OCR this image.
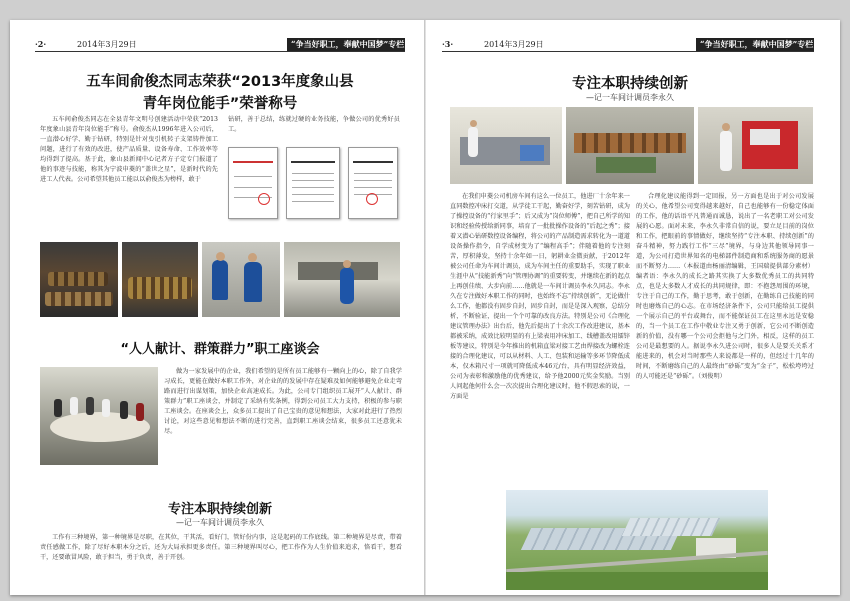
·2·	2014年3月29日	“争当好职工，奉献中国梦”专栏
五车间俞俊杰同志荣获“2013年度象山县
青年岗位能手”荣誉称号
五车间俞俊杰同志在全县青年文明号创建活动中荣获“2013年度象山县青年岗位能手”称号。俞俊杰从1996年进入公司后，一直潜心好学、勤于钻研，特别是针对曳引机转子支架铸件加工问题，进行了有效的改进，使产品质量、设备寿命、工作效率等均得到了提高。基于此，象山县新闻中心记者方子定专门报道了他的事迹与技能，称其为宁波申菱的“盖世之星”，是新时代的先进工人代表。公司希望其他员工能以以俞俊杰为榜样，敢于
钻研，善于总结，练就过硬的业务技能，争做公司的优秀好员工。
“人人献计、群策群力”职工座谈会
做为一家发展中的企业，我们希望的是所有员工能够有一颗向上的心，除了自我学习成长，更能在做好本职工作外，对企业的的发展中存在疑难及如何能够避免企业走弯路而进行出谋划策，加快企业高速成长。为此，公司专门组织员工展开“人人献计、群策群力”职工座谈会，并制定了采纳有奖条例，得到公司员工大力支持，积极的参与职工座谈会。在座谈会上，众多员工提出了自己宝贵的意见和想法，大家对此进行了热烈讨论，对这些意见和想法不断的进行完善，直到职工座谈会结束，很多员工还意犹未尽。
专注本职持续创新
—记一车间计调员李永久
工作有三种境界，第一种境界是尽职，在其位，干其活，看好门，管好份内事，这是起码的工作底线。第二种境界是尽责，带着责任感做工作，除了尽好本职本分之后，还为大局承担更多责任。第三种境界叫尽心，把工作作为人生价值来追求，恪看干，想看干，还要敢冒风险，敢于担当，勇于负责，善于开创。
·3·	2014年3月29日	“争当好职工，奉献中国梦”专栏
专注本职持续创新
—记一车间计调员李永久
在我们申菱公司机房车间有这么一位员工，他进厂十余年来一直同数控冲床打交道，从学徒工干起，勤奋好学，刻苦钻研，成为了操控设备的“行家里手”；后又成为“岗位师傅”，把自己所学的知识和经验传授给新同事，培育了一批批操作设备的“后起之秀”；接着又潜心钻研数控设备编程，将公司的产品制造需求转化为一道道设备操作指令，自学成材变为了“编程高手”；伴随着他的专注刻苦，厚积薄发，坚持十余年如一日，躬耕业金微贡献，于2012年被公司任命为车间计调员，成为车间主任的重要助手，实现了职业生涯中从“技能新秀”向“管理协调”的重要转变，并继续在新的起点上再创佳绩、大步向前……他就是一车间计调员李永久同志。李永久在专注做好本职工作的同时，也始终不忘“持续创新”，无论做什么工作，他都没有固步自封，固步自封，而是是深入观察，总结分析，不断验证，提出一个个可靠的改良方法。特别是公司《合理化建议管理办法》出台后，他先后提出了十余次工作改进建议，基本都被采纳，成效比较明显的有上梁表用冲床加工、线槽盖改用镭锌板等建议，特别是今年推出的机箱直梁对接工艺由焊接改为螺栓连接的合理化建议，可以从材料、人工、包装和运输等多环节降低成本，仅木箱尺寸一项就可降低成本46元/台，具有明显经济效益，公司为表彰和激励他的优秀建议，给予他2000元奖金奖励。当别人问起他何什么会一次次提出合理化建议时，他不假思索的说，一方面是
合理化建议能得到一定回报，另一方面也是出于对公司发展的关心，他希望公司变得越来越好，自己也能够有一份稳定体面的工作，他的话语平凡普通而诚恳，说出了一名老职工对公司发展的心愿。面对未来，李永久非常自信的说，要立足目前的岗位和工作，把眼前的事情做好，继续坚持“专注本职、持续创新”的奋斗精神，努力践行工作“三尽”境界，与身边其他领导同事一道，为公司打造世界知名的电梯部件制造商和系统服务商的愿景而不断努力……（本报道由杨丽清编辑，王国瑞提供部分素材）编者语：李永久的成长之路其实换了大多数优秀员工的共同特点，也是大多数人才成长的共同规律，即：不抱怨周围的环境，专注于自己的工作，勤于思考，敢于创新，在勤练自己技能的同时也磨炼自己的心志。在市场经济条件下，公司只能给员工提供一个展示自己的平台或舞台，而不能保证员工在这里永远是安稳的，当一个员工在工作中敬业专注又勇于创新，它公司不断创造新的价值，没有哪一个公司会拒他与之门外，相反，这样的员工公司是最想要的人。据说李永久进公司时，很多人是要关关系才能进来的，机会对当时那些人来说都是一样的，但经过十几年的时间，不断磨练自己的人最终由“砂砾”变为“金子”，松松垮垮过的人可能还是“砂砾”。（刘俊明）
